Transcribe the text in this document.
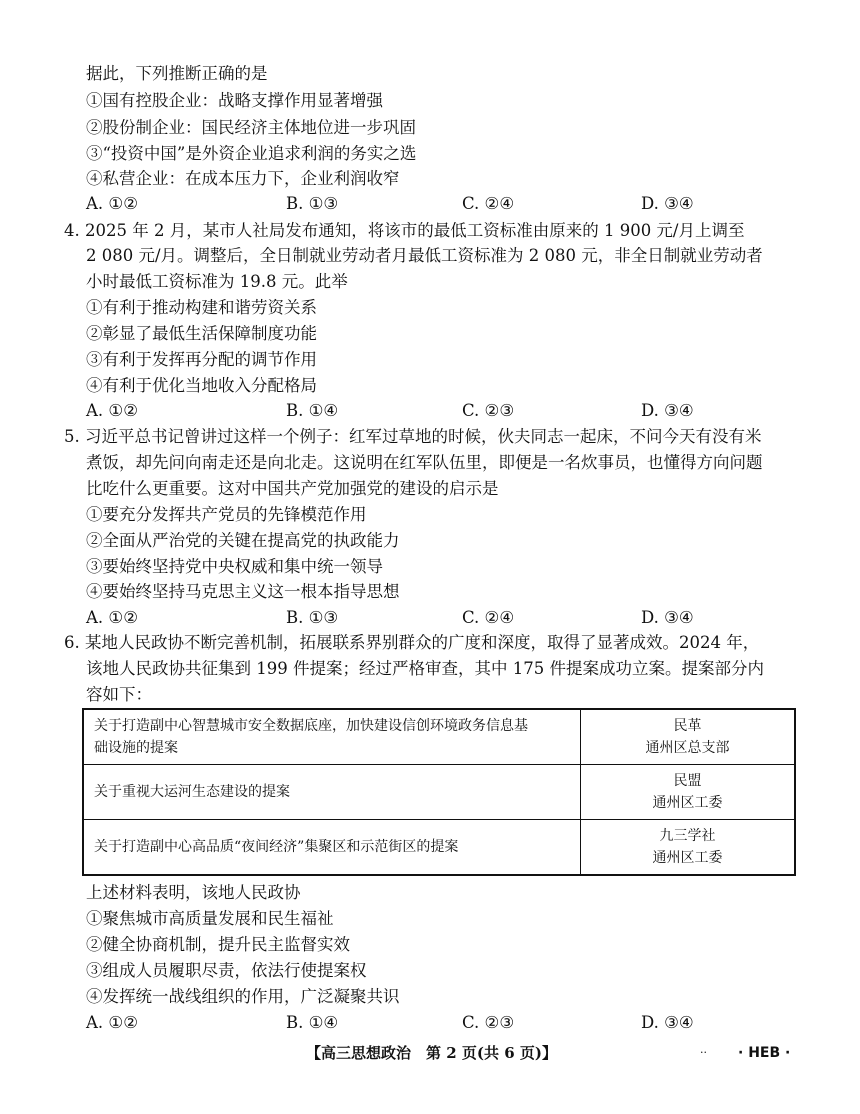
据此，下列推断正确的是
①国有控股企业：战略支撑作用显著增强
②股份制企业：国民经济主体地位进一步巩固
③“投资中国”是外资企业追求利润的务实之选
④私营企业：在成本压力下，企业利润收窄
A. ①②	B. ①③	C. ②④	D. ③④
4. 2025 年 2 月，某市人社局发布通知，将该市的最低工资标准由原来的 1 900 元/月上调至
2 080 元/月。调整后，全日制就业劳动者月最低工资标准为 2 080 元，非全日制就业劳动者
小时最低工资标准为 19.8 元。此举
①有利于推动构建和谐劳资关系
②彰显了最低生活保障制度功能
③有利于发挥再分配的调节作用
④有利于优化当地收入分配格局
A. ①②	B. ①④	C. ②③	D. ③④
5. 习近平总书记曾讲过这样一个例子：红军过草地的时候，伙夫同志一起床，不问今天有没有米
煮饭，却先问向南走还是向北走。这说明在红军队伍里，即便是一名炊事员，也懂得方向问题
比吃什么更重要。这对中国共产党加强党的建设的启示是
①要充分发挥共产党员的先锋模范作用
②全面从严治党的关键在提高党的执政能力
③要始终坚持党中央权威和集中统一领导
④要始终坚持马克思主义这一根本指导思想
A. ①②	B. ①③	C. ②④	D. ③④
6. 某地人民政协不断完善机制，拓展联系界别群众的广度和深度，取得了显著成效。2024 年，
该地人民政协共征集到 199 件提案；经过严格审查，其中 175 件提案成功立案。提案部分内
容如下：
关于打造副中心智慧城市安全数据底座，加快建设信创环境政务信息基
础设施的提案	民革
通州区总支部

关于重视大运河生态建设的提案	民盟
通州区工委

关于打造副中心高品质“夜间经济”集聚区和示范街区的提案	九三学社
通州区工委
上述材料表明，该地人民政协
①聚焦城市高质量发展和民生福祉
②健全协商机制，提升民主监督实效
③组成人员履职尽责，依法行使提案权
④发挥统一战线组织的作用，广泛凝聚共识
A. ①②	B. ①④	C. ②③	D. ③④
【高三思想政治　第 2 页(共 6 页)】	·· · HEB ·
